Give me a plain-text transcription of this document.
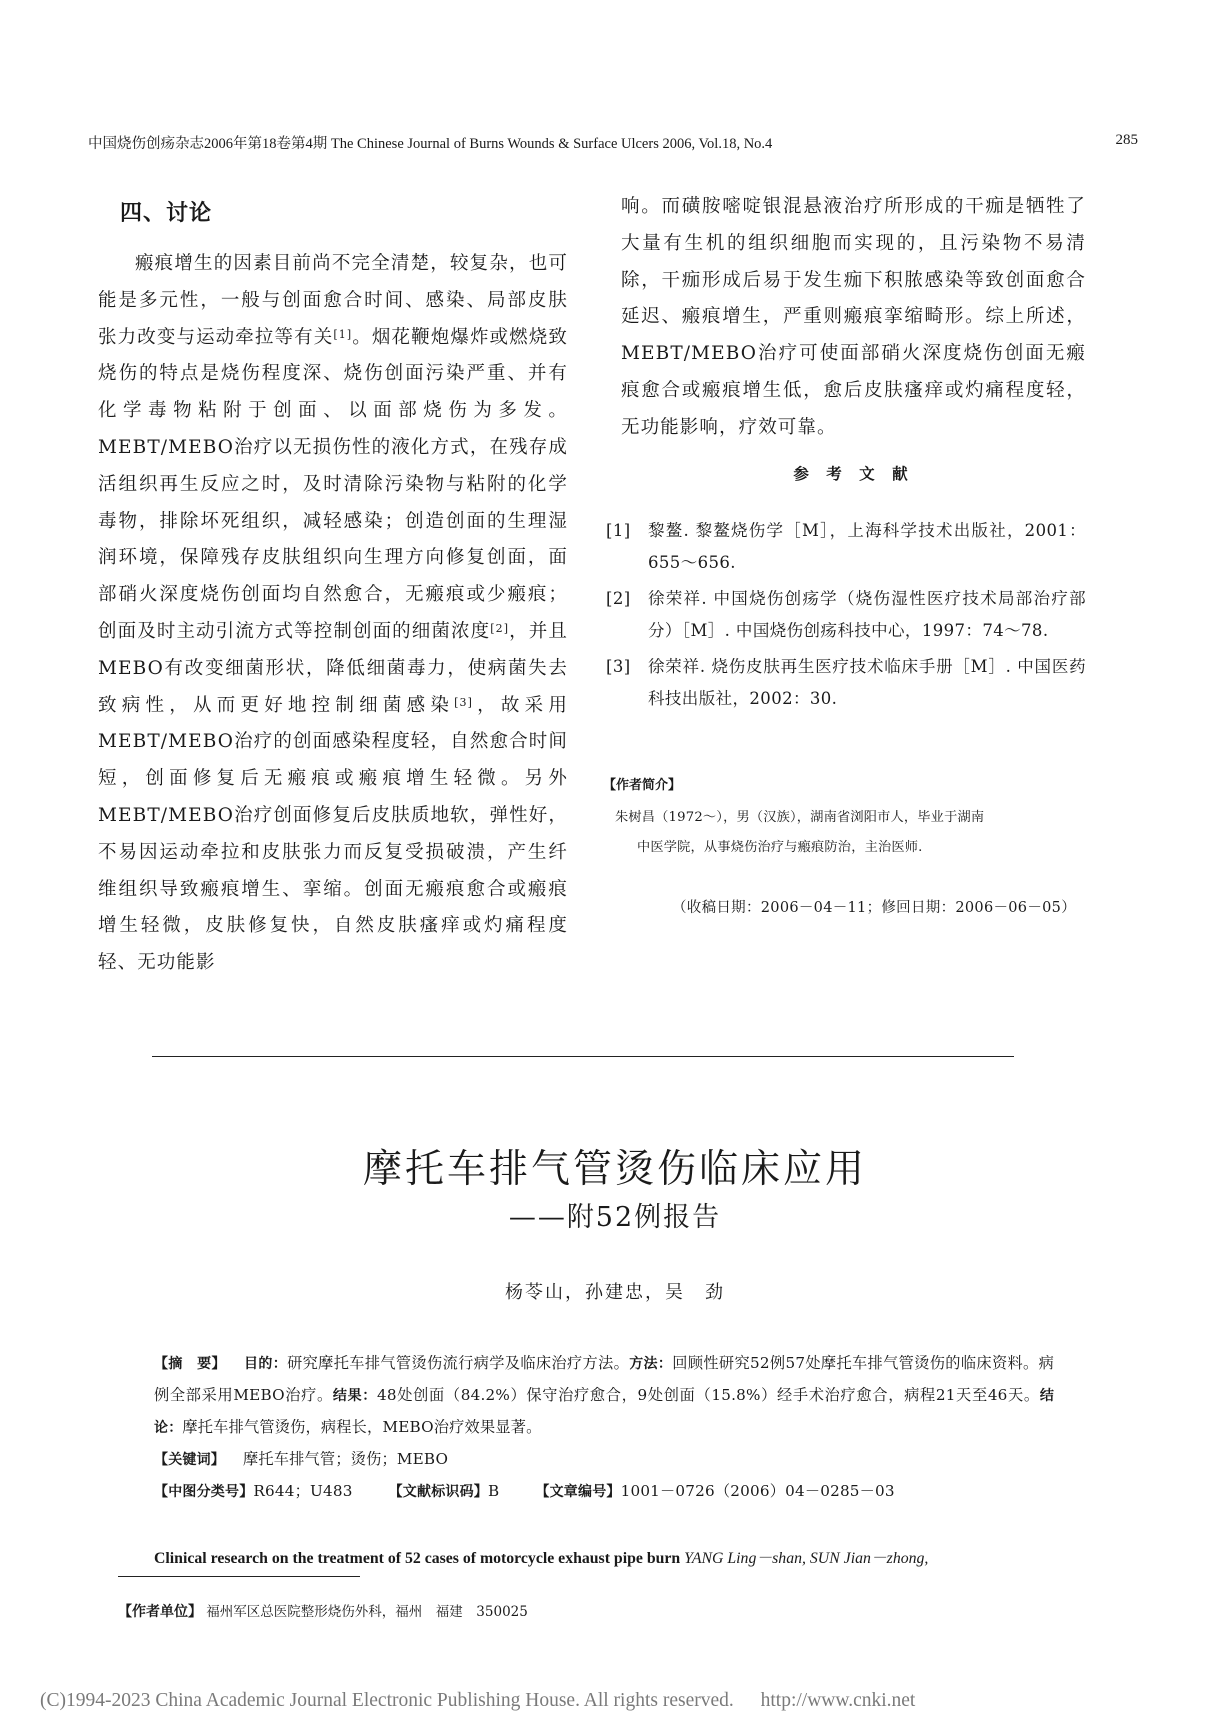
中国烧伤创疡杂志2006年第18卷第4期 The Chinese Journal of Burns Wounds & Surface Ulcers 2006, Vol.18, No.4	285
四、讨论

瘢痕增生的因素目前尚不完全清楚，较复杂，也可能是多元性，一般与创面愈合时间、感染、局部皮肤张力改变与运动牵拉等有关[1]。烟花鞭炮爆炸或燃烧致烧伤的特点是烧伤程度深、烧伤创面污染严重、并有化学毒物粘附于创面、以面部烧伤为多发。MEBT/MEBO治疗以无损伤性的液化方式，在残存成活组织再生反应之时，及时清除污染物与粘附的化学毒物，排除坏死组织，减轻感染；创造创面的生理湿润环境，保障残存皮肤组织向生理方向修复创面，面部硝火深度烧伤创面均自然愈合，无瘢痕或少瘢痕；创面及时主动引流方式等控制创面的细菌浓度[2]，并且MEBO有改变细菌形状，降低细菌毒力，使病菌失去致病性，从而更好地控制细菌感染[3]，故采用MEBT/MEBO治疗的创面感染程度轻，自然愈合时间短，创面修复后无瘢痕或瘢痕增生轻微。另外MEBT/MEBO治疗创面修复后皮肤质地软，弹性好，不易因运动牵拉和皮肤张力而反复受损破溃，产生纤维组织导致瘢痕增生、挛缩。创面无瘢痕愈合或瘢痕增生轻微，皮肤修复快，自然皮肤瘙痒或灼痛程度轻、无功能影

响。而磺胺嘧啶银混悬液治疗所形成的干痂是牺牲了大量有生机的组织细胞而实现的，且污染物不易清除，干痂形成后易于发生痂下积脓感染等致创面愈合延迟、瘢痕增生，严重则瘢痕挛缩畸形。综上所述，MEBT/MEBO治疗可使面部硝火深度烧伤创面无瘢痕愈合或瘢痕增生低，愈后皮肤瘙痒或灼痛程度轻，无功能影响，疗效可靠。

参 考 文 献
[1]	黎鳌. 黎鳌烧伤学［M］，上海科学技术出版社，2001：655～656.
[2]	徐荣祥. 中国烧伤创疡学（烧伤湿性医疗技术局部治疗部分）［M］. 中国烧伤创疡科技中心，1997：74～78.
[3]	徐荣祥. 烧伤皮肤再生医疗技术临床手册［M］. 中国医药科技出版社，2002：30.
【作者简介】
朱树昌（1972～），男（汉族），湖南省浏阳市人，毕业于湖南
中医学院，从事烧伤治疗与瘢痕防治，主治医师.
（收稿日期：2006－04－11；修回日期：2006－06－05）
摩托车排气管烫伤临床应用
——附52例报告
杨苓山，孙建忠，吴　劲

【摘　要】 目的：研究摩托车排气管烫伤流行病学及临床治疗方法。方法：回顾性研究52例57处摩托车排气管烫伤的临床资料。病例全部采用MEBO治疗。结果：48处创面（84.2%）保守治疗愈合，9处创面（15.8%）经手术治疗愈合，病程21天至46天。结论：摩托车排气管烫伤，病程长，MEBO治疗效果显著。

【关键词】 摩托车排气管；烫伤；MEBO

【中图分类号】R644；U483	【文献标识码】B	【文章编号】1001－0726（2006）04－0285－03

Clinical research on the treatment of 52 cases of motorcycle exhaust pipe burn YANG Ling－shan, SUN Jian－zhong,
【作者单位】 福州军区总医院整形烧伤外科，福州　福建　350025
(C)1994-2023 China Academic Journal Electronic Publishing House. All rights reserved. http://www.cnki.net
